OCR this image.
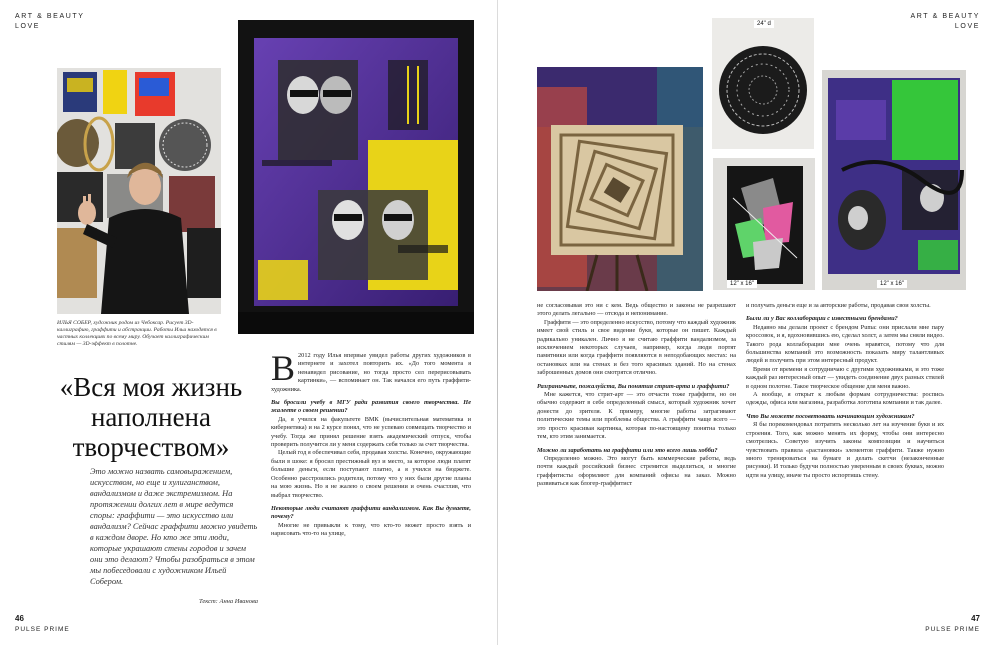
ART & BEAUTY
LOVE
ИЛЬЯ СОБЕР, художник родом из Чебоксар. Рисует 3D-каллиграфию, граффити и абстракции. Работы Ильи находятся в частных коллекциях по всему миру. Обучает каллиграфическим стилям — 3D-эффект в полотне.
«Вся моя жизнь наполнена творчеством»
Это можно назвать самовыражением, искусством, но еще и хулиганством, вандализмом и даже экстремизмом. На протяжении долгих лет в мире ведутся споры: граффити — это искусство или вандализм? Сейчас граффити можно увидеть в каждом дворе. Но кто же эти люди, которые украшают стены городов и зачем они это делают? Чтобы разобраться в этом мы побеседовали с художником Ильей Собером.
Текст: Анна Иванова

В 2012 году Илья впервые увидел работы других художников в интернете и захотел повторить их. «До того момента я ненавидел рисование, но тогда просто сел перерисовывать картинки», — вспоминает он. Так начался его путь граффити-художника.

Вы бросили учебу в МГУ ради развития своего творчества. Не жалеете о своем решении?

Да, я учился на факультете ВМК (вычислительная математика и кибернетика) и на 2 курсе понял, что не успеваю совмещать творчество и учебу. Тогда же принял решение взять академический отпуск, чтобы проверить получится ли у меня содержать себя только за счет творчества.

Целый год я обеспечивал себя, продавая холсты. Конечно, окружающие были в шоке: я бросил престижный вуз и место, за которое люди платят большие деньги, если поступают платно, а я учился на бюджете. Особенно расстроились родители, потому что у них были другие планы на мою жизнь. Но я не жалею о своем решении и очень счастлив, что выбрал творчество.

Некоторые люди считают граффити вандализмом. Как Вы думаете, почему?

Многие не привыкли к тому, что кто-то может просто взять и нарисовать что-то на улице,

46
PULSE PRIME
ART & BEAUTY
LOVE
24" d
12" x 16"	12" x 16"

не согласовывая это ни с кем. Ведь общество и законы не разрешают этого делать легально — отсюда и непонимание.

Граффити — это определенно искусство, потому что каждый художник имеет свой стиль и свое видение букв, которые он пишет. Каждый радикально уникален. Лично я не считаю граффити вандализмом, за исключением некоторых случаев, например, когда люди портят памятники или когда граффити появляются в неподобающих местах: на остановках или на стенах и без того красивых зданий. Но на стенах заброшенных домов они смотрятся отлично.

Разграничьте, пожалуйста, Вы понятия стрит-арта и граффити?

Мне кажется, что стрит-арт — это отчасти тоже граффити, но он обычно содержит в себе определенный смысл, который художник хочет донести до зрителя. К примеру, многие работы затрагивают политические темы или проблемы общества. А граффити чаще всего — это просто красивая картинка, которая по-настоящему понятна только тем, кто этим занимается.

Можно ли заработать на граффити или это всего лишь хобби?

Определенно можно. Это могут быть коммерческие работы, ведь почти каждый российский бизнес стремится выделиться, и многие граффитисты оформляют для компаний офисы на заказ. Можно развиваться как блогер-граффитист

и получать деньги еще и за авторские работы, продавая свои холсты.

Были ли у Вас коллаборации с известными брендами?

Недавно мы делали проект с брендом Puma: они прислали мне пару кроссовок, и я, вдохновившись ею, сделал холст, а затем мы сняли видео. Такого рода коллаборации мне очень нравятся, потому что для большинства компаний это возможность показать миру талантливых людей и получить при этом интересный продукт.

Время от времени я сотрудничаю с другими художниками, и это тоже каждый раз интересный опыт — увидеть соединение двух разных стилей в одном полотне. Такое творческое общение для меня важно.

А вообще, я открыт к любым формам сотрудничества: роспись одежды, офиса или магазина, разработка логотипа компании и так далее.

Что Вы можете посоветовать начинающим художникам?

Я бы порекомендовал потратить несколько лет на изучение букв и их строения. Того, как можно менять их форму, чтобы они интересно смотрелись. Советую изучить законы композиции и научиться чувствовать правила «растановки» элементов граффити. Также нужно много тренироваться на бумаге и делать скетчи (незаконченные рисунки). И только будучи полностью уверенным в своих буквах, можно идти на улицу, иначе ты просто испортишь стену.

47
PULSE PRIME
